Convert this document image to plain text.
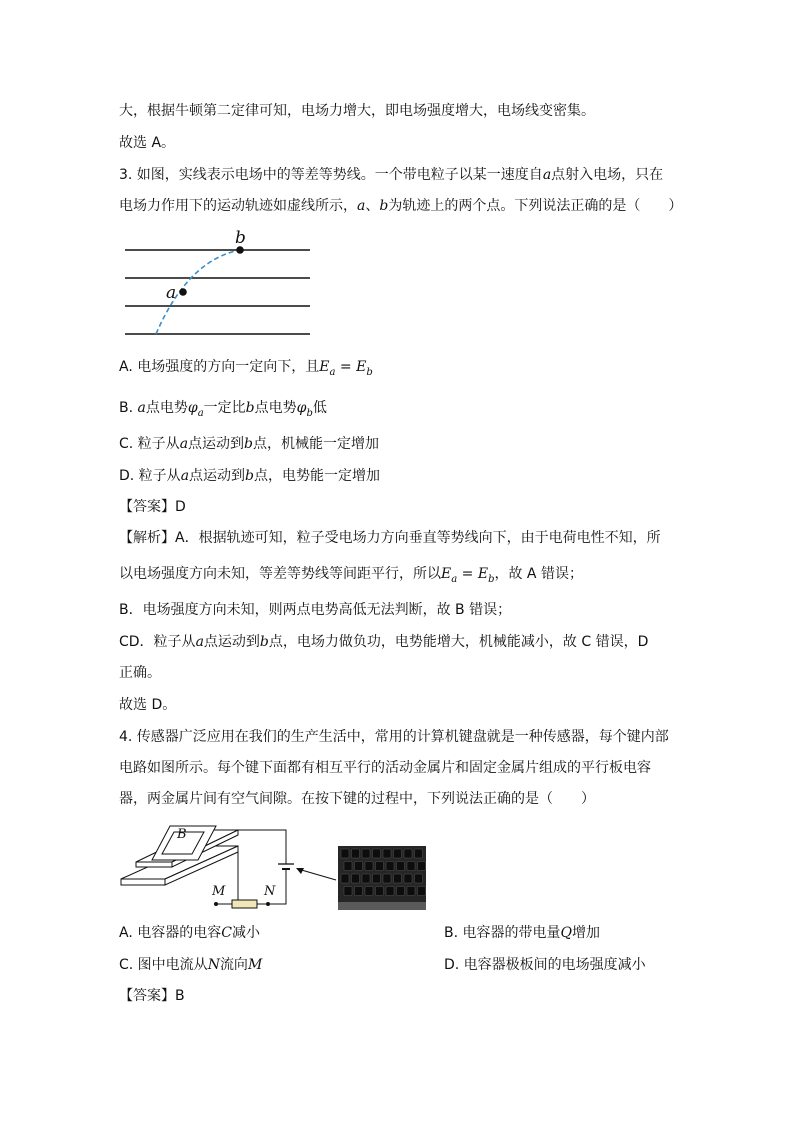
大，根据牛顿第二定律可知，电场力增大，即电场强度增大，电场线变密集。
故选 A。
3. 如图，实线表示电场中的等差等势线。一个带电粒子以某一速度自a点射入电场，只在
电场力作用下的运动轨迹如虚线所示，a、b为轨迹上的两个点。下列说法正确的是（　　）
a
b
A. 电场强度的方向一定向下，且$E_a = E_b$
B. a点电势$\varphi_a$一定比b点电势$\varphi_b$低
C. 粒子从a点运动到b点，机械能一定增加
D. 粒子从a点运动到b点，电势能一定增加
【答案】D
【解析】A．根据轨迹可知，粒子受电场力方向垂直等势线向下，由于电荷电性不知，所
以电场强度方向未知，等差等势线等间距平行，所以$E_a = E_b$，故 A 错误；
B．电场强度方向未知，则两点电势高低无法判断，故 B 错误；
CD．粒子从a点运动到b点，电场力做负功，电势能增大，机械能减小，故 C 错误，D
正确。
故选 D。
4. 传感器广泛应用在我们的生产生活中，常用的计算机键盘就是一种传感器，每个键内部
电路如图所示。每个键下面都有相互平行的活动金属片和固定金属片组成的平行板电容
器，两金属片间有空气间隙。在按下键的过程中，下列说法正确的是（　　）
B
M	N
A. 电容器的电容C减小	B. 电容器的带电量Q增加
C. 图中电流从N流向M	D. 电容器极板间的电场强度减小
【答案】B
